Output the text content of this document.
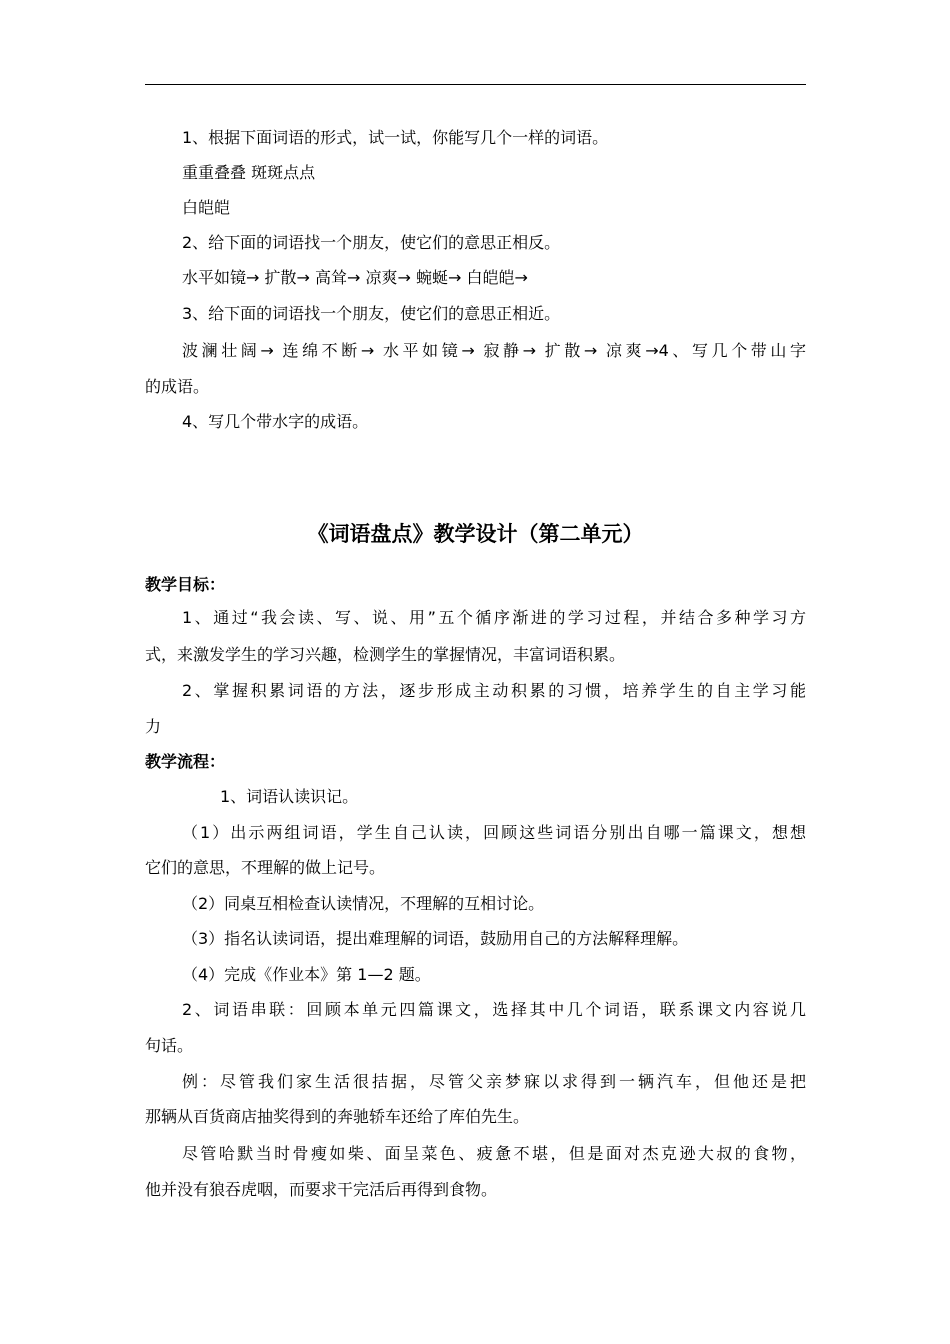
1、根据下面词语的形式，试一试，你能写几个一样的词语。
重重叠叠 斑斑点点
白皑皑
2、给下面的词语找一个朋友，使它们的意思正相反。
水平如镜→ 扩散→ 高耸→ 凉爽→ 蜿蜒→ 白皑皑→
3、给下面的词语找一个朋友，使它们的意思正相近。
波澜壮阔→ 连绵不断→ 水平如镜→ 寂静→ 扩散→ 凉爽→4、写几个带山字
的成语。
4、写几个带水字的成语。
《词语盘点》教学设计（第二单元）
教学目标：
1、通过“我会读、写、说、用”五个循序渐进的学习过程，并结合多种学习方
式，来激发学生的学习兴趣，检测学生的掌握情况，丰富词语积累。
2、掌握积累词语的方法，逐步形成主动积累的习惯，培养学生的自主学习能
力
教学流程：
1、词语认读识记。
（1）出示两组词语，学生自己认读，回顾这些词语分别出自哪一篇课文，想想
它们的意思，不理解的做上记号。
（2）同桌互相检查认读情况，不理解的互相讨论。
（3）指名认读词语，提出难理解的词语，鼓励用自己的方法解释理解。
（4）完成《作业本》第 1—2 题。
2、词语串联：回顾本单元四篇课文，选择其中几个词语，联系课文内容说几
句话。
例：尽管我们家生活很拮据，尽管父亲梦寐以求得到一辆汽车，但他还是把
那辆从百货商店抽奖得到的奔驰轿车还给了库伯先生。
尽管哈默当时骨瘦如柴、面呈菜色、疲惫不堪，但是面对杰克逊大叔的食物，
他并没有狼吞虎咽，而要求干完活后再得到食物。
